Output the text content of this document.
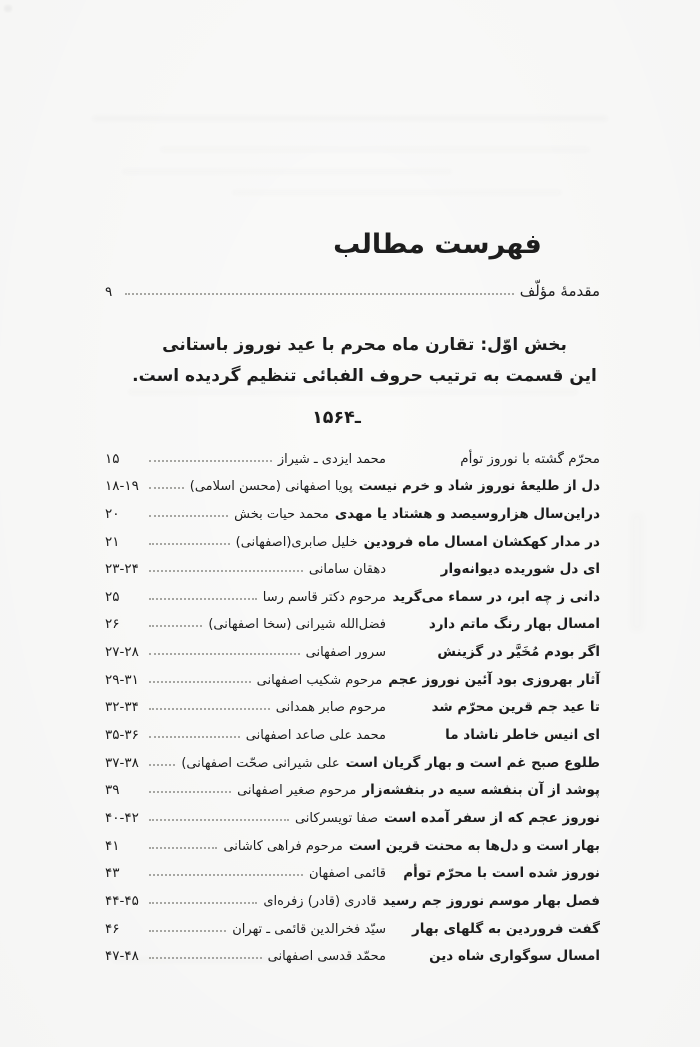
فهرست مطالب
مقدمهٔ مؤلّف
۹
بخش اوّل: تقارن ماه محرم با عید نوروز باستانی
این قسمت به ترتیب حروف الفبائی تنظیم گردیده است.
۱۵ـ۶۴
محرّم گشته با نوروز توأم
محمد ایزدی ـ شیراز
۱۵
دل از طلیعهٔ نوروز شاد و خرم نیست
پویا اصفهانی (محسن اسلامی)
۱۸-۱۹
دراین‌سال هزاروسیصد و هشتاد یا مهدی
محمد حیات بخش
۲۰
در مدار کهکشان امسال ماه فرودین
خلیل صابری(اصفهانی)
۲۱
ای دل شوریده دیوانه‌وار
دهقان سامانی
۲۳-۲۴
دانی ز چه ابر، در سماء می‌گرید
مرحوم دکتر قاسم رسا
۲۵
امسال بهار رنگ ماتم دارد
فضل‌الله شیرانی (سخا اصفهانی)
۲۶
اگر بودم مُخَیَّر در گزینش
سرور اصفهانی
۲۷-۲۸
آثار بهروزی بود آئین نوروز عجم
مرحوم شکیب اصفهانی
۲۹-۳۱
تا عید جم قرین محرّم شد
مرحوم صابر همدانی
۳۲-۳۴
ای انیس خاطر ناشاد ما
محمد علی صاعد اصفهانی
۳۵-۳۶
طلوع صبح غم است و بهار گریان است
علی شیرانی صحّت اصفهانی)
۳۷-۳۸
پوشد از آن بنفشه سیه در بنفشه‌زار
مرحوم صغیر اصفهانی
۳۹
نوروز عجم که از سفر آمده است
صفا تویسرکانی
۴۰-۴۲
بهار است و دل‌ها به محنت قرین است
مرحوم فراهی کاشانی
۴۱
نوروز شده است با محرّم توأم
قائمی اصفهان
۴۳
فصل بهار موسم نوروز جم رسید
قادری (قادر) زفره‌ای
۴۴-۴۵
گفت فروردین به گلهای بهار
سیّد فخرالدین قائمی ـ تهران
۴۶
امسال سوگواری شاه دین
محمّد قدسی اصفهانی
۴۷-۴۸
